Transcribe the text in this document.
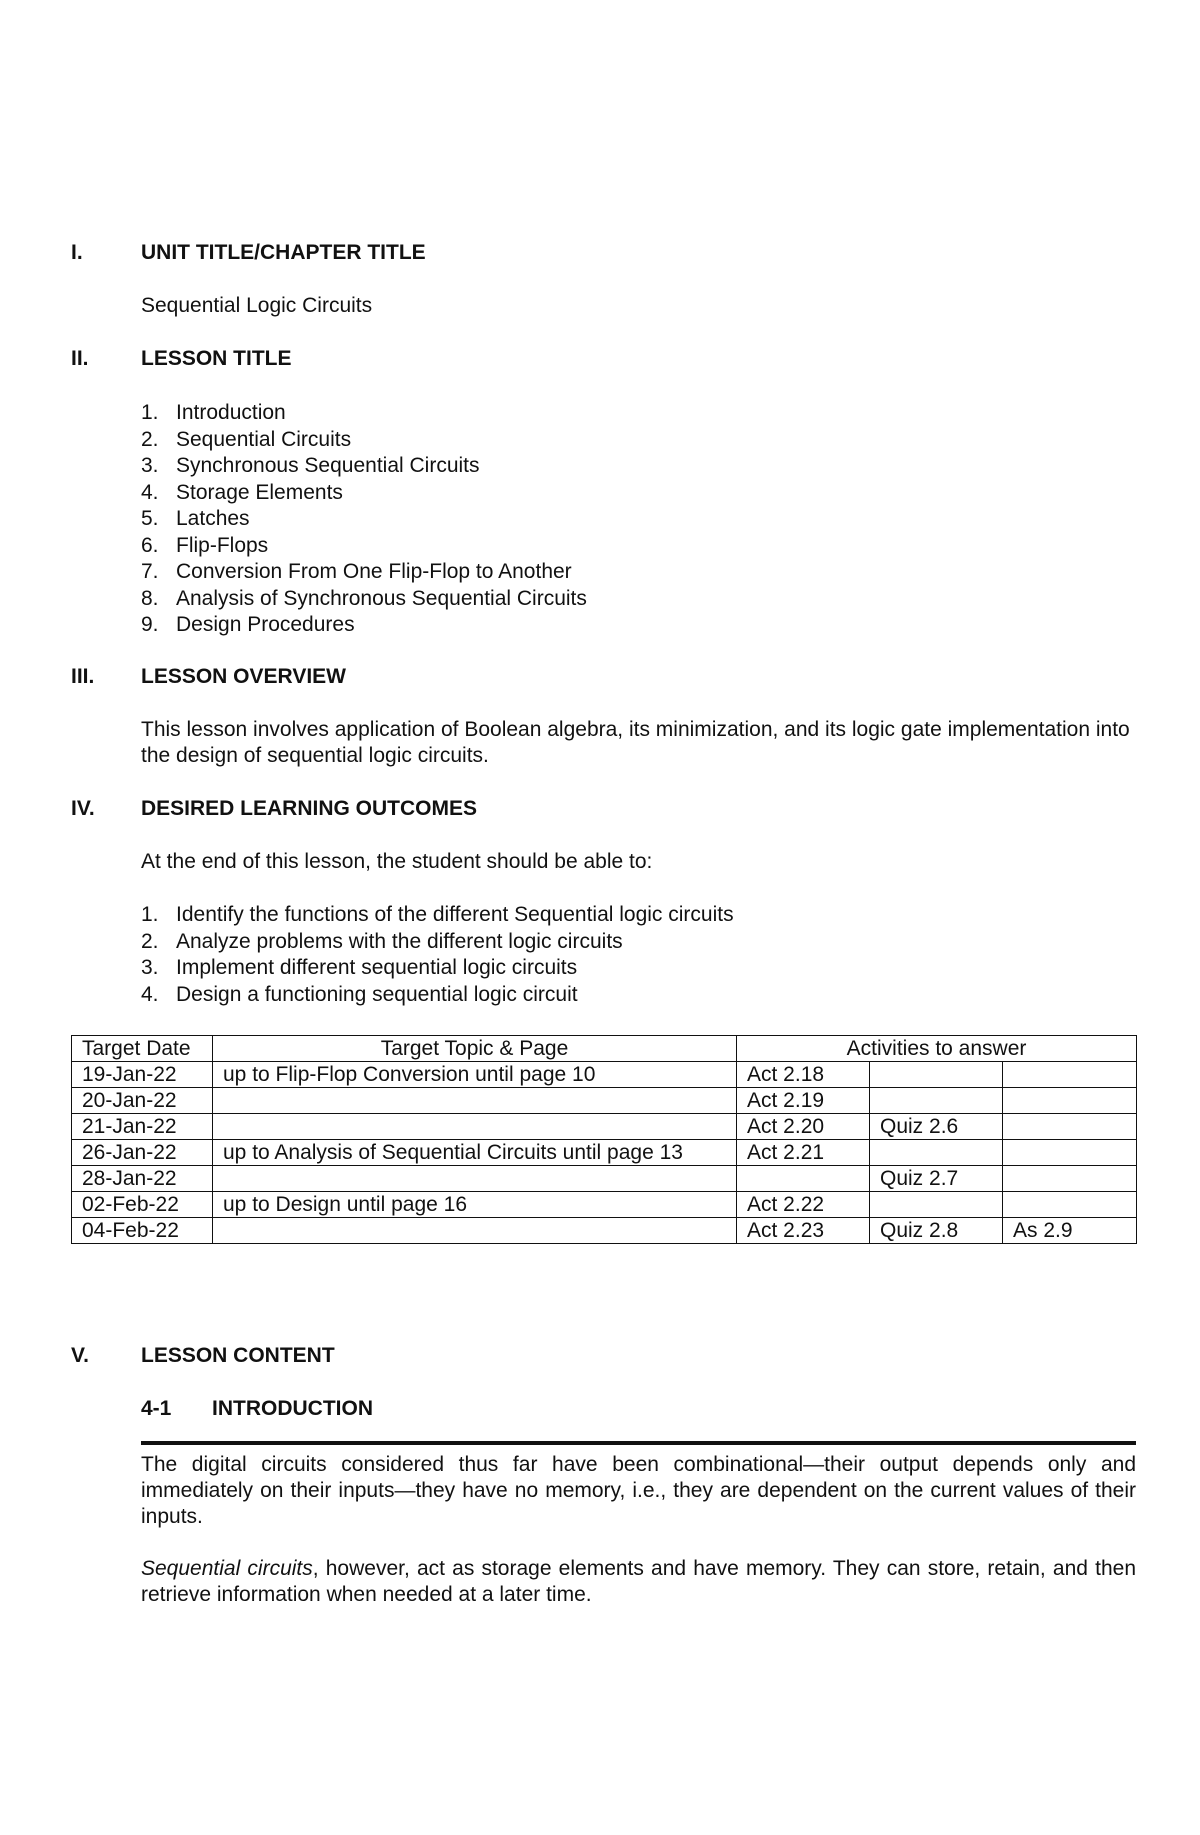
I.	UNIT TITLE/CHAPTER TITLE
Sequential Logic Circuits
II. LESSON TITLE
1. Introduction
2. Sequential Circuits
3. Synchronous Sequential Circuits
4. Storage Elements
5. Latches
6. Flip-Flops
7. Conversion From One Flip-Flop to Another
8. Analysis of Synchronous Sequential Circuits
9. Design Procedures
III. LESSON OVERVIEW
This lesson involves application of Boolean algebra, its minimization, and its logic gate implementation into the design of sequential logic circuits.
IV. DESIRED LEARNING OUTCOMES
At the end of this lesson, the student should be able to:
1. Identify the functions of the different Sequential logic circuits
2. Analyze problems with the different logic circuits
3. Implement different sequential logic circuits
4. Design a functioning sequential logic circuit
Target Date	Target Topic & Page	Activities to answer		
19-Jan-22	up to Flip-Flop Conversion until page 10	Act 2.18		
20-Jan-22		Act 2.19		
21-Jan-22		Act 2.20	Quiz 2.6	
26-Jan-22	up to Analysis of Sequential Circuits until page 13	Act 2.21		
28-Jan-22			Quiz 2.7	
02-Feb-22	up to Design until page 16	Act 2.22		
04-Feb-22		Act 2.23	Quiz 2.8	As 2.9
V. LESSON CONTENT
4-1 INTRODUCTION
The digital circuits considered thus far have been combinational—their output depends only and immediately on their inputs—they have no memory, i.e., they are dependent on the current values of their inputs.
Sequential circuits, however, act as storage elements and have memory. They can store, retain, and then retrieve information when needed at a later time.
